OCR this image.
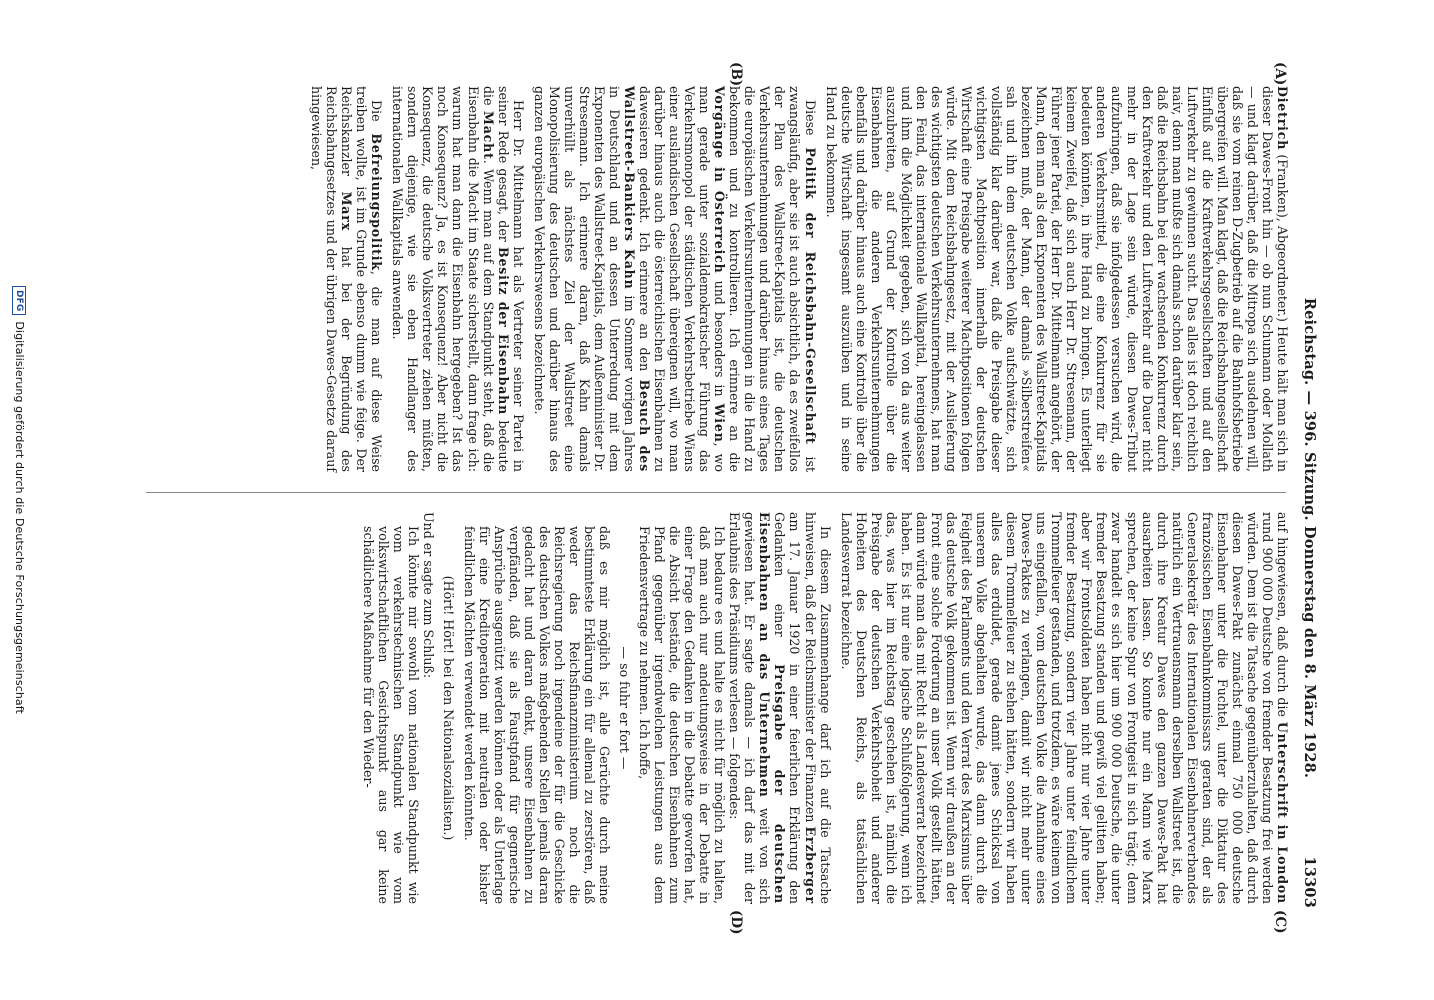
Reichstag. — 396. Sitzung. Donnerstag den 8. März 1928.
13303
(A)
(B)
(C)
(D)

Dietrich (Franken), Abgeordneter.) Heute hält man sich in dieser Dawes-Front hin — ob nun Schumann oder Mollath — und klagt darüber, daß die Mitropa sich ausdehnen will, daß sie vom reinen D-Zugbetrieb auf die Bahnhofsbetriebe übergreifen will. Man klagt, daß die Reichsbahngesellschaft Einfluß auf die Kraftverkehrsgesellschaften und auf den Luftverkehr zu gewinnen sucht. Das alles ist doch reichlich naiv, denn man mußte sich damals schon darüber klar sein, daß die Reichsbahn bei der wachsenden Konkurrenz durch den Kraftverkehr und den Luftverkehr auf die Dauer nicht mehr in der Lage sein würde, diesen Dawes-Tribut aufzubringen, daß sie infolgedessen versuchen wird, die anderen Verkehrsmittel, die eine Konkurrenz für sie bedeuten könnten, in ihre Hand zu bringen. Es unterliegt keinem Zweifel, daß sich auch Herr Dr. Stresemann, der Führer jener Partei, der Herr Dr. Mittelmann angehört, der Mann, den man als den Exponenten des Wallstreet-Kapitals bezeichnen muß, der Mann, der damals »Silberstreifen« sah und ihn dem deutschen Volke aufschwätzte, sich vollständig klar darüber war, daß die Preisgabe dieser wichtigsten Machtposition innerhalb der deutschen Wirtschaft eine Preisgabe weiterer Machtpositionen folgen würde. Mit dem Reichsbahngesetz, mit der Auslieferung des wichtigsten deutschen Verkehrsunternehmens, hat man den Feind, das internationale Wallkapital, hereingelassen und ihm die Möglichkeit gegeben, sich von da aus weiter auszubreiten, auf Grund der Kontrolle über die Eisenbahnen die anderen Verkehrsunternehmungen ebenfalls und darüber hinaus auch eine Kontrolle über die deutsche Wirtschaft insgesamt auszuüben und in seine Hand zu bekommen.

Diese Politik der Reichsbahn-Gesellschaft ist zwangsläufig, aber sie ist auch absichtlich, da es zweifellos der Plan des Wallstreet-Kapitals ist, die deutschen Verkehrsunternehmungen und darüber hinaus eines Tages die europäischen Verkehrsunternehmungen in die Hand zu bekommen und zu kontrollieren. Ich erinnere an die Vorgänge in Österreich und besonders in Wien, wo man gerade unter sozialdemokratischer Führung das Verkehrsmonopol der städtischen Verkehrsbetriebe Wiens einer ausländischen Gesellschaft übereignen will, wo man darüber hinaus auch die österreichischen Eisenbahnen zu dawesieren gedenkt. Ich erinnere an den Besuch des Wallstreet-Bankiers Kahn im Sommer vorigen Jahres in Deutschland und an dessen Unterredung mit dem Exponenten des Wallstreet-Kapitals, dem Außenminister Dr. Stresemann. Ich erinnere daran, daß Kahn damals unverhüllt als nächstes Ziel der Wallstreet eine Monopolisierung des deutschen und darüber hinaus des ganzen europäischen Verkehrswesens bezeichnete.

Herr Dr. Mittelmann hat als Vertreter seiner Partei in seiner Rede gesagt, der Besitz der Eisenbahn bedeute die Macht. Wenn man auf dem Standpunkt steht, daß die Eisenbahn die Macht im Staate sicherstellt, dann frage ich: warum hat man dann die Eisenbahn hergegeben? Ist das noch Konsequenz? Ja, es ist Konsequenz! Aber nicht die Konsequenz, die deutsche Volksvertreter ziehen müßten, sondern diejenige, wie sie eben Handlanger des internationalen Wallkapitals anwenden.

Die Befreiungspolitik, die man auf diese Weise treiben wollte, ist im Grunde ebenso dumm wie feige. Der Reichskanzler Marx hat bei der Begründung des Reichsbahngesetzes und der übrigen Dawes-Gesetze darauf hingewiesen,

auf hingewiesen, daß durch die Unterschrift in London rund 900 000 Deutsche von fremder Besatzung frei werden würden. Dem ist die Tatsache gegenüberzuhalten, daß durch diesen Dawes-Pakt zunächst einmal 750 000 deutsche Eisenbahner unter die Fuchtel, unter die Diktatur des französischen Eisenbahnkommissars geraten sind, der als Generalsekretär des Internationalen Eisenbahnerverbandes natürlich ein Vertrauensmann derselben Wallstreet ist, die durch ihre Kreatur Dawes den ganzen Dawes-Pakt hat ausarbeiten lassen. So konnte nur ein Mann wie Marx sprechen, der keine Spur von Frontgeist in sich trägt; denn zwar handelt es sich hier um 900 000 Deutsche, die unter fremder Besatzung standen und gewiß viel gelitten haben; aber wir Frontsoldaten haben nicht nur vier Jahre unter fremder Besatzung, sondern vier Jahre unter feindlichem Trommelfeuer gestanden, und trotzdem, es wäre keinem von uns eingefallen, vom deutschen Volke die Annahme eines Dawes-Paktes zu verlangen, damit wir nicht mehr unter diesem Trommelfeuer zu stehen hätten, sondern wir haben alles das erduldet, gerade damit jenes Schicksal von unserem Volke abgehalten wurde, das dann durch die Feigheit des Parlaments und den Verrat des Marxismus über das deutsche Volk gekommen ist. Wenn wir draußen an der Front eine solche Forderung an unser Volk gestellt hätten, dann würde man das mit Recht als Landesverrat bezeichnet haben. Es ist nur eine logische Schlußfolgerung, wenn ich das, was hier im Reichstag geschehen ist, nämlich die Preisgabe der deutschen Verkehrshoheit und anderer Hoheiten des Deutschen Reichs, als tatsächlichen Landesverrat bezeichne.

In diesem Zusammenhange darf ich auf die Tatsache hinweisen, daß der Reichsminister der Finanzen Erzberger am 17. Januar 1920 in einer feierlichen Erklärung den Gedanken einer Preisgabe der deutschen Eisenbahnen an das Unternehmen weit von sich gewiesen hat. Er sagte damals — ich darf das mit der Erlaubnis des Präsidiums verlesen — folgendes:

Ich bedaure es und halte es nicht für möglich zu halten, daß man auch nur andeutungsweise in der Debatte in einer Frage den Gedanken in die Debatte geworfen hat, die Absicht bestände, die deutschen Eisenbahnen zum Pfand gegenüber irgendwelchen Leistungen aus dem Friedensvertrage zu nehmen. Ich hoffe,

— so fuhr er fort —

daß es mir möglich ist, alle Gerüchte durch meine bestimmteste Erklärung ein für allemal zu zerstören, daß weder das Reichsfinanzministerium noch die Reichsregierung noch irgendeine der für die Geschicke des deutschen Volkes maßgebenden Stellen jemals daran gedacht hat und daran denkt, unsere Eisenbahnen zu verpfänden, daß sie als Faustpfand für gegnerische Ansprüche ausgenützt werden können oder als Unterlage für eine Kreditoperation mit neutralen oder bisher feindlichen Mächten verwendet werden könnten.

(Hört! Hört! bei den Nationalsozialisten.)

Und er sagte zum Schluß:

Ich könnte mir sowohl vom nationalen Standpunkt wie vom verkehrstechnischen Standpunkt wie vom volkswirtschaftlichen Gesichtspunkt aus gar keine schädlichere Maßnahme für den Wieder-

DFGDigitalisierung gefördert durch die Deutsche Forschungsgemeinschaft
